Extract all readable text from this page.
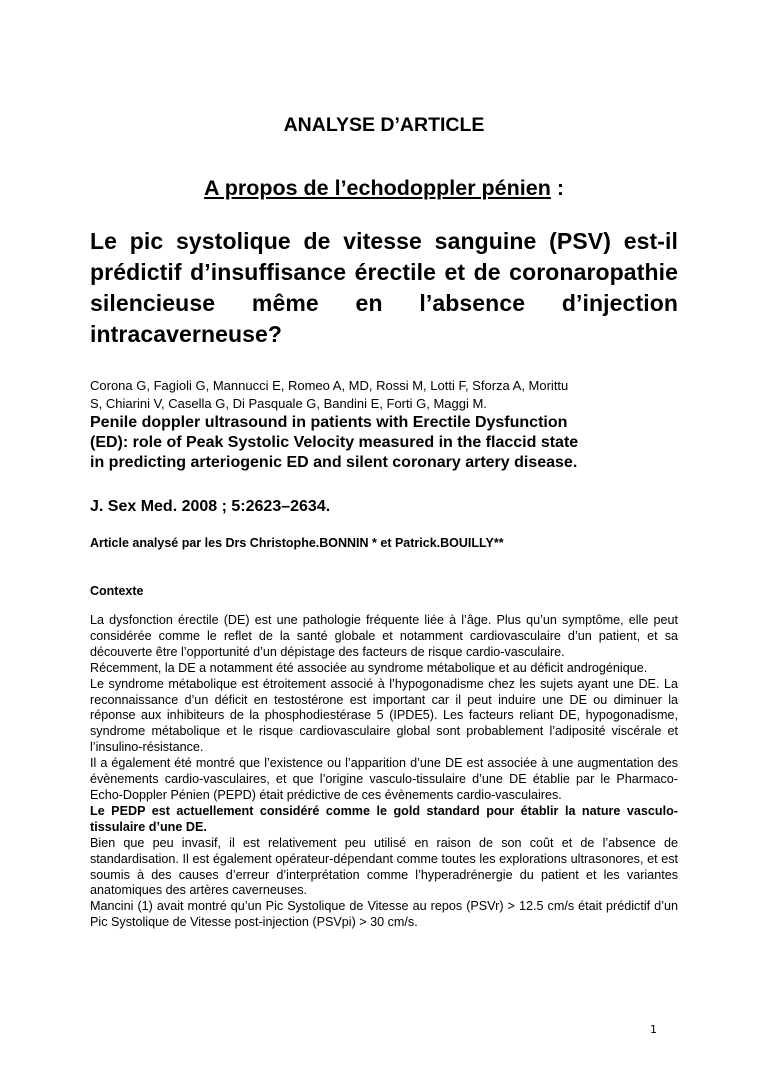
ANALYSE D’ARTICLE
A propos de l’echodoppler pénien :
Le pic systolique de vitesse sanguine (PSV) est-il prédictif d’insuffisance érectile et de coronaropathie silencieuse même en l’absence d’injection intracaverneuse?
Corona G, Fagioli G, Mannucci E, Romeo A, MD, Rossi M, Lotti F, Sforza A, Morittu
S, Chiarini V, Casella G, Di Pasquale G, Bandini E, Forti G, Maggi M.
Penile doppler ultrasound in patients with Erectile Dysfunction
(ED): role of Peak Systolic Velocity measured in the flaccid state
in predicting arteriogenic ED and silent coronary artery disease.
J. Sex Med. 2008 ; 5:2623–2634.
Article analysé par les Drs Christophe.BONNIN * et Patrick.BOUILLY**
Contexte

La dysfonction érectile (DE) est une pathologie fréquente liée à l’âge. Plus qu’un symptôme, elle peut considérée comme le reflet de la santé globale et notamment cardiovasculaire d’un patient, et sa découverte être l’opportunité d’un dépistage des facteurs de risque cardio-vasculaire.

Récemment, la DE a notamment été associée au syndrome métabolique et au déficit androgénique.

Le syndrome métabolique est étroitement associé à l’hypogonadisme chez les sujets ayant une DE. La reconnaissance d’un déficit en testostérone est important car il peut induire une DE ou diminuer la réponse aux inhibiteurs de la phosphodiestérase 5 (IPDE5). Les facteurs reliant DE, hypogonadisme, syndrome métabolique et le risque cardiovasculaire global sont probablement l’adiposité viscérale et l’insulino-résistance.

Il a également été montré que l’existence ou l’apparition d’une DE est associée à une augmentation des évènements cardio-vasculaires, et que l’origine vasculo-tissulaire d’une DE établie par le Pharmaco-Echo-Doppler Pénien (PEPD) était prédictive de ces évènements cardio-vasculaires.

Le PEDP est actuellement considéré comme le gold standard pour établir la nature vasculo-tissulaire d’une DE.

Bien que peu invasif, il est relativement peu utilisé en raison de son coût et de l’absence de standardisation. Il est également opérateur-dépendant comme toutes les explorations ultrasonores, et est soumis à des causes d’erreur d’interprétation comme l’hyperadrénergie du patient et les variantes anatomiques des artères caverneuses.

Mancini (1) avait montré qu’un Pic Systolique de Vitesse au repos (PSVr) > 12.5 cm/s était prédictif d’un Pic Systolique de Vitesse post-injection (PSVpi) > 30 cm/s.

1
